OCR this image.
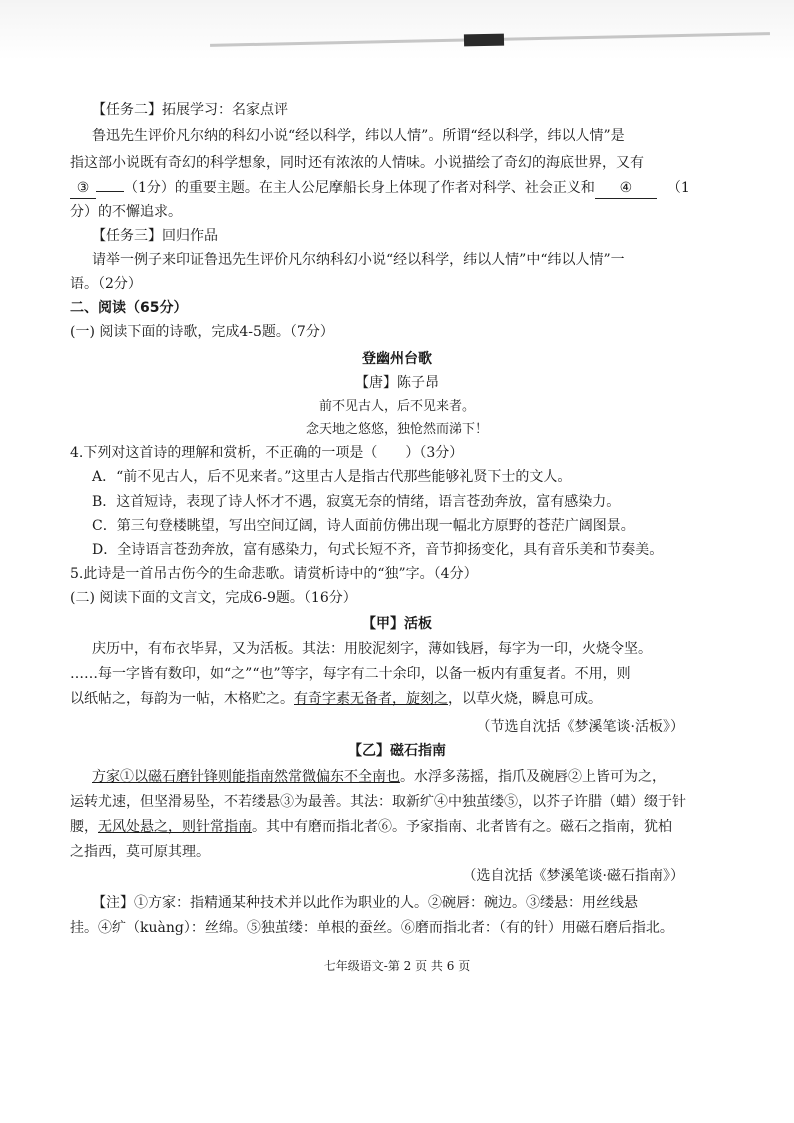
【任务二】拓展学习：名家点评
鲁迅先生评价凡尔纳的科幻小说“经以科学，纬以人情”。所谓“经以科学，纬以人情”是
指这部小说既有奇幻的科学想象，同时还有浓浓的人情味。小说描绘了奇幻的海底世界，又有
③ （1分）的重要主题。在主人公尼摩船长身上体现了作者对科学、社会正义和 ④ （1
分）的不懈追求。
【任务三】回归作品
请举一例子来印证鲁迅先生评价凡尔纳科幻小说“经以科学，纬以人情”中“纬以人情”一
语。（2分）
二、阅读（65分）
(一) 阅读下面的诗歌，完成4-5题。（7分）
登幽州台歌
【唐】陈子昂
前不见古人，后不见来者。
念天地之悠悠，独怆然而涕下！
4.下列对这首诗的理解和赏析，不正确的一项是（　　）（3分）
A．“前不见古人，后不见来者。”这里古人是指古代那些能够礼贤下士的文人。
B．这首短诗，表现了诗人怀才不遇，寂寞无奈的情绪，语言苍劲奔放，富有感染力。
C．第三句登楼眺望，写出空间辽阔，诗人面前仿佛出现一幅北方原野的苍茫广阔图景。
D．全诗语言苍劲奔放，富有感染力，句式长短不齐，音节抑扬变化，具有音乐美和节奏美。
5.此诗是一首吊古伤今的生命悲歌。请赏析诗中的“独”字。（4分）
(二) 阅读下面的文言文，完成6-9题。（16分）
【甲】活板
庆历中，有布衣毕昇，又为活板。其法：用胶泥刻字，薄如钱唇，每字为一印，火烧令坚。
……每一字皆有数印，如“之”“也”等字，每字有二十余印，以备一板内有重复者。不用，则
以纸帖之，每韵为一帖，木格贮之。有奇字素无备者，旋刻之，以草火烧，瞬息可成。
（节选自沈括《梦溪笔谈·活板》）
【乙】磁石指南
方家①以磁石磨针锋则能指南然常微偏东不全南也。水浮多荡摇，指爪及碗唇②上皆可为之，
运转尤速，但坚滑易坠，不若缕悬③为最善。其法：取新纩④中独茧缕⑤，以芥子许腊（蜡）缀于针
腰，无风处悬之，则针常指南。其中有磨而指北者⑥。予家指南、北者皆有之。磁石之指南，犹柏
之指西，莫可原其理。
（选自沈括《梦溪笔谈·磁石指南》）
【注】①方家：指精通某种技术并以此作为职业的人。②碗唇：碗边。③缕悬：用丝线悬
挂。④纩（kuàng）：丝绵。⑤独茧缕：单根的蚕丝。⑥磨而指北者：（有的针）用磁石磨后指北。
七年级语文-第 2 页 共 6 页
